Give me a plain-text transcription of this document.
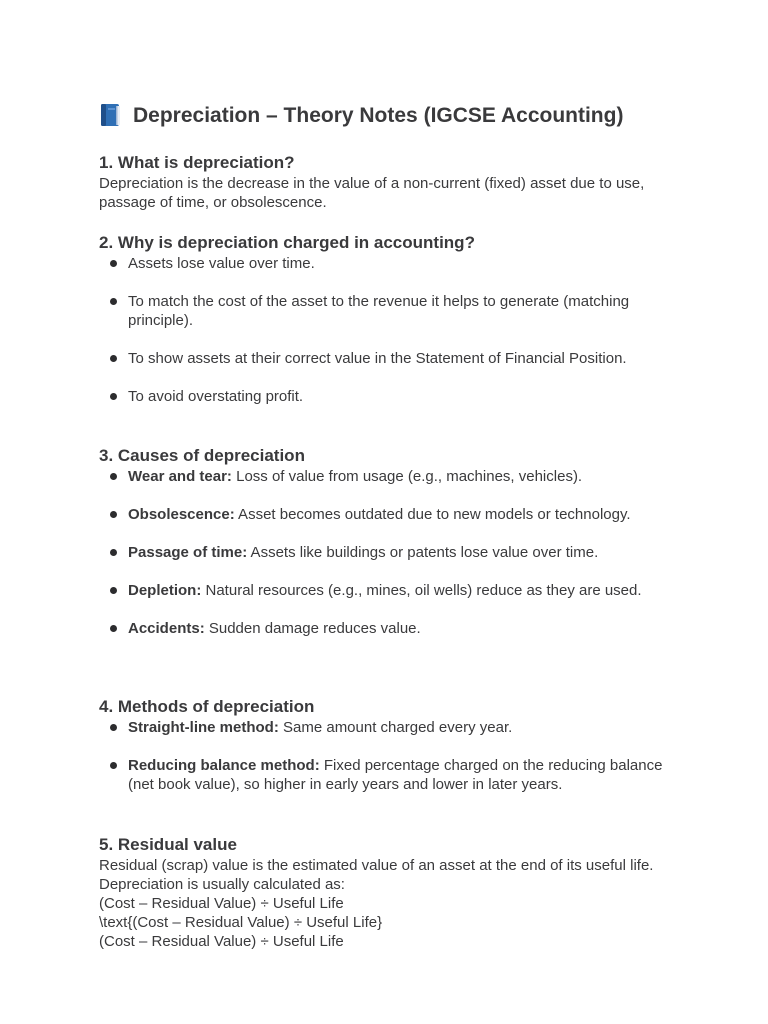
Depreciation – Theory Notes (IGCSE Accounting)

1. What is depreciation?

Depreciation is the decrease in the value of a non-current (fixed) asset due to use, passage of time, or obsolescence.

2. Why is depreciation charged in accounting?

Assets lose value over time.
To match the cost of the asset to the revenue it helps to generate (matching principle).
To show assets at their correct value in the Statement of Financial Position.
To avoid overstating profit.

3. Causes of depreciation

Wear and tear: Loss of value from usage (e.g., machines, vehicles).
Obsolescence: Asset becomes outdated due to new models or technology.
Passage of time: Assets like buildings or patents lose value over time.
Depletion: Natural resources (e.g., mines, oil wells) reduce as they are used.
Accidents: Sudden damage reduces value.

4. Methods of depreciation

Straight-line method: Same amount charged every year.
Reducing balance method: Fixed percentage charged on the reducing balance (net book value), so higher in early years and lower in later years.

5. Residual value

Residual (scrap) value is the estimated value of an asset at the end of its useful life. Depreciation is usually calculated as:

(Cost – Residual Value) ÷ Useful Life

\text{(Cost – Residual Value) ÷ Useful Life}

(Cost – Residual Value) ÷ Useful Life
